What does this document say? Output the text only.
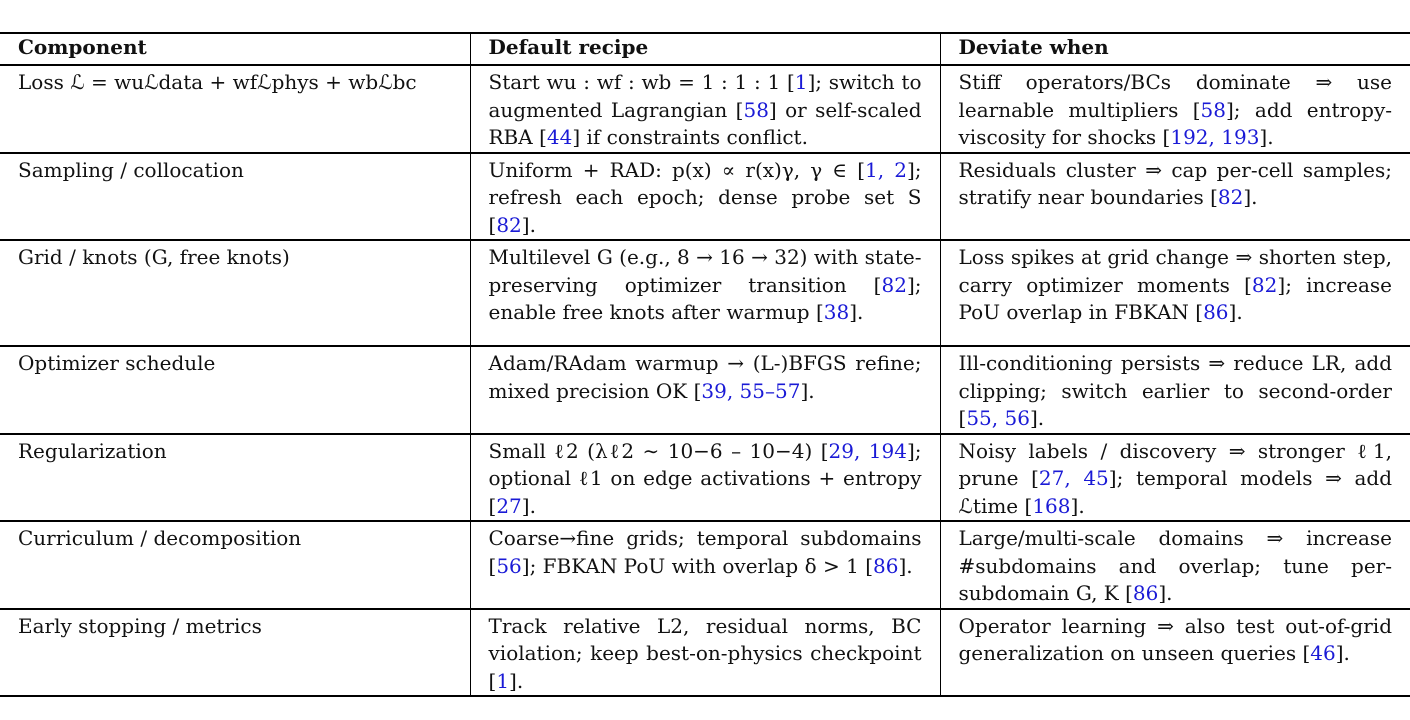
Component	Default recipe	Deviate when
Loss ℒ = wuℒdata + wfℒphys + wbℒbc	Start wu : wf : wb = 1 : 1 : 1 [1]; switch to augmented Lagrangian [58] or self-scaled RBA [44] if constraints conflict.	Stiff operators/BCs dominate ⇒ use learnable multipliers [58]; add entropy-viscosity for shocks [192, 193].
Sampling / collocation	Uniform + RAD: p(x) ∝ r(x)γ, γ ∈ [1, 2]; refresh each epoch; dense probe set S [82].	Residuals cluster ⇒ cap per-cell samples; stratify near boundaries [82].
Grid / knots (G, free knots)	Multilevel G (e.g., 8 → 16 → 32) with state-preserving optimizer transition [82]; enable free knots after warmup [38].	Loss spikes at grid change ⇒ shorten step, carry optimizer moments [82]; increase PoU overlap in FBKAN [86].
Optimizer schedule	Adam/RAdam warmup → (L-)BFGS refine; mixed precision OK [39, 55–57].	Ill-conditioning persists ⇒ reduce LR, add clipping; switch earlier to second-order [55, 56].
Regularization	Small ℓ2 (λℓ2 ∼ 10−6 – 10−4) [29, 194]; optional ℓ1 on edge activations + entropy [27].	Noisy labels / discovery ⇒ stronger ℓ1, prune [27, 45]; temporal models ⇒ add ℒtime [168].
Curriculum / decomposition	Coarse→fine grids; temporal subdomains [56]; FBKAN PoU with overlap δ > 1 [86].	Large/multi-scale domains ⇒ increase #subdomains and overlap; tune per-subdomain G, K [86].
Early stopping / metrics	Track relative L2, residual norms, BC violation; keep best-on-physics checkpoint [1].	Operator learning ⇒ also test out-of-grid generalization on unseen queries [46].
